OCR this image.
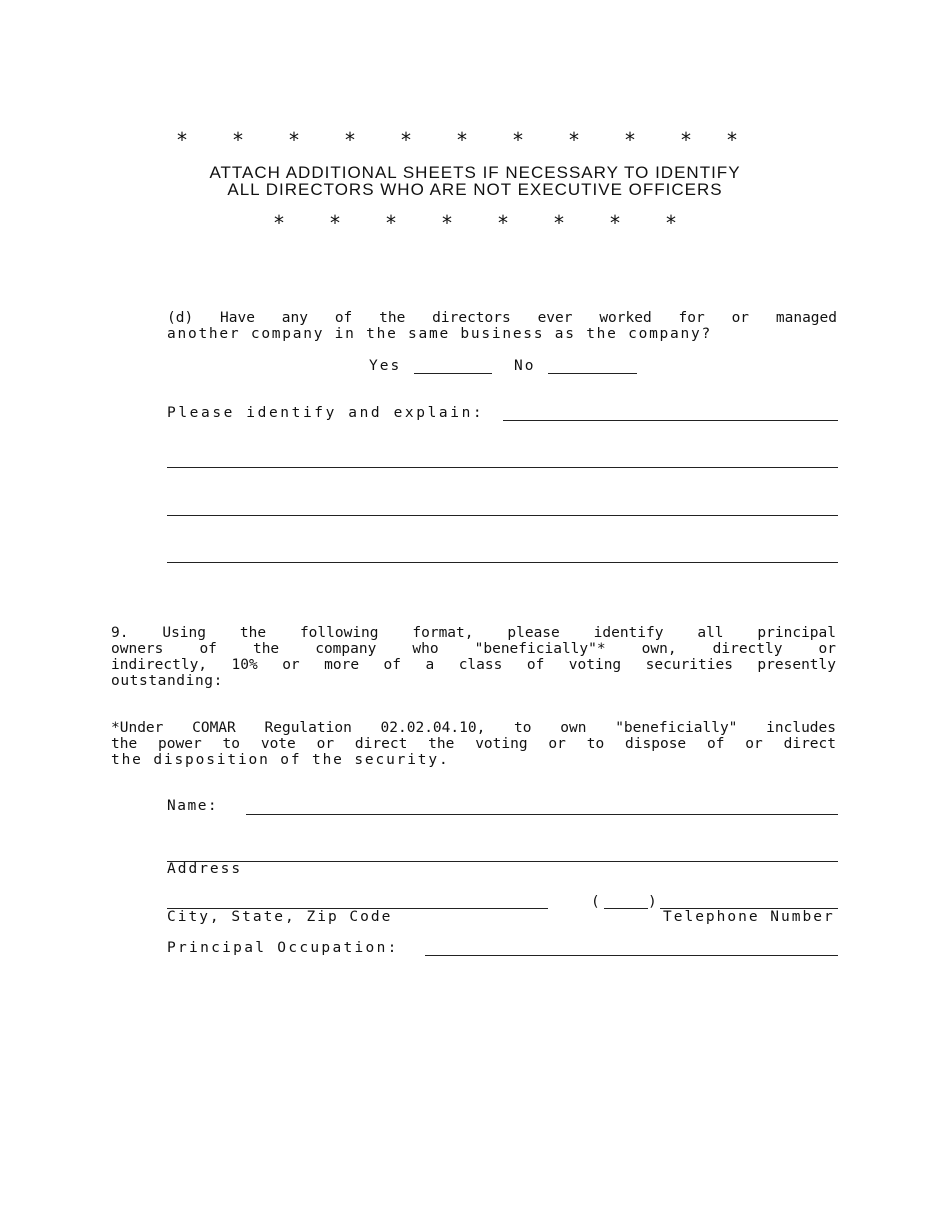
* * * * * * * * * * *
ATTACH ADDITIONAL SHEETS IF NECESSARY TO IDENTIFY
ALL DIRECTORS WHO ARE NOT EXECUTIVE OFFICERS
* * * * * * * *
(d) Have any of the directors ever worked for or managed
another company in the same business as the company?
Yes	No
Please identify and explain:
9. Using the following format, please identify all principal
owners of the company who "beneficially"* own, directly or
indirectly, 10% or more of a class of voting securities presently
outstanding:
*Under COMAR Regulation 02.02.04.10, to own "beneficially" includes
the power to vote or direct the voting or to dispose of or direct
the disposition of the security.
Name:
Address
City, State, Zip Code
(	)
Telephone Number
Principal Occupation:
